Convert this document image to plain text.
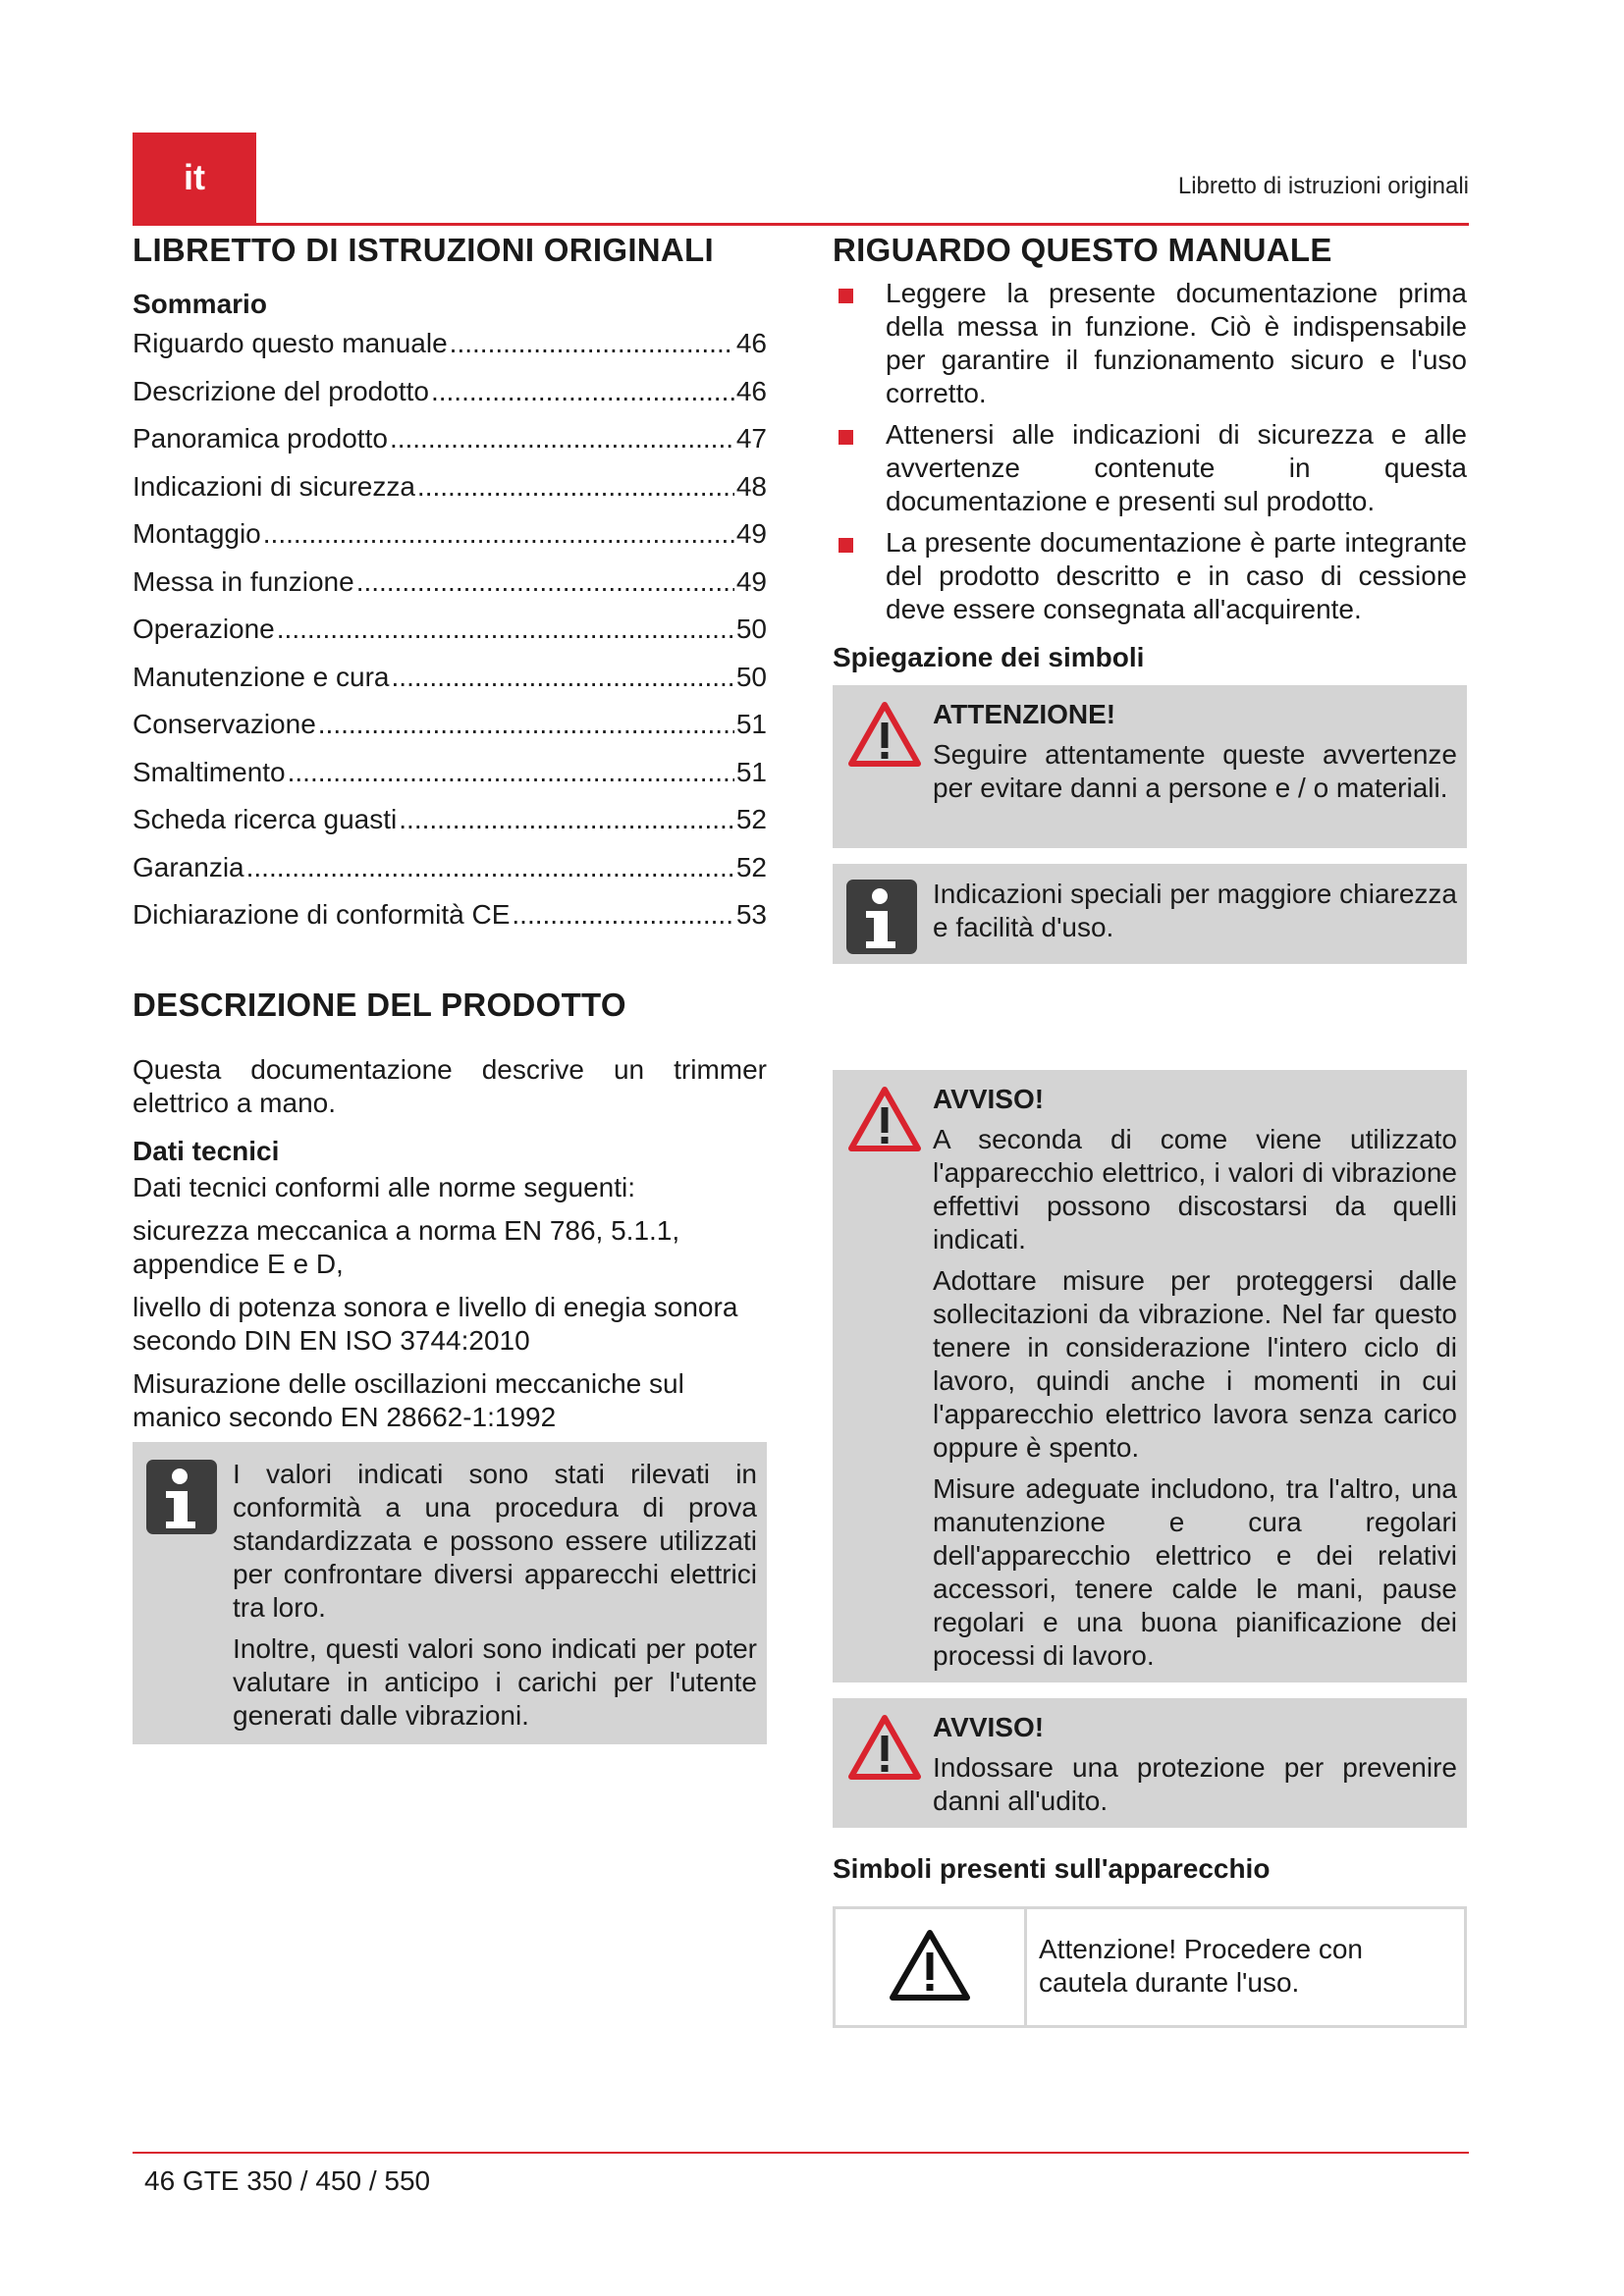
it	Libretto di istruzioni originali
LIBRETTO DI ISTRUZIONI ORIGINALI
Sommario
Riguardo questo manuale .....	46
Descrizione del prodotto .....	46
Panoramica prodotto .....	47
Indicazioni di sicurezza .....	48
Montaggio .....	49
Messa in funzione .....	49
Operazione .....	50
Manutenzione e cura .....	50
Conservazione .....	51
Smaltimento .....	51
Scheda ricerca guasti .....	52
Garanzia .....	52
Dichiarazione di conformità CE .....	53
DESCRIZIONE DEL PRODOTTO

Questa documentazione descrive un trimmer elettrico a mano.

Dati tecnici

Dati tecnici conformi alle norme seguenti:

sicurezza meccanica a norma EN 786, 5.1.1, appendice E e D,

livello di potenza sonora e livello di enegia sonora secondo DIN EN ISO 3744:2010

Misurazione delle oscillazioni meccaniche sul manico secondo EN 28662-1:1992

I valori indicati sono stati rilevati in conformità a una procedura di prova standardizzata e possono essere utilizzati per confrontare diversi apparecchi elettrici tra loro.

Inoltre, questi valori sono indicati per poter valutare in anticipo i carichi per l'utente generati dalle vibrazioni.

RIGUARDO QUESTO MANUALE
Leggere la presente documentazione prima della messa in funzione. Ciò è indispensabile per garantire il funzionamento sicuro e l'uso corretto.
Attenersi alle indicazioni di sicurezza e alle avvertenze contenute in questa documentazione e presenti sul prodotto.
La presente documentazione è parte integrante del prodotto descritto e in caso di cessione deve essere consegnata all'acquirente.
Spiegazione dei simboli
ATTENZIONE!

Seguire attentamente queste avvertenze per evitare danni a persone e / o materiali.

Indicazioni speciali per maggiore chiarezza e facilità d'uso.

AVVISO!

A seconda di come viene utilizzato l'apparecchio elettrico, i valori di vibrazione effettivi possono discostarsi da quelli indicati.

Adottare misure per proteggersi dalle sollecitazioni da vibrazione. Nel far questo tenere in considerazione l'intero ciclo di lavoro, quindi anche i momenti in cui l'apparecchio elettrico lavora senza carico oppure è spento.

Misure adeguate includono, tra l'altro, una manutenzione e cura regolari dell'apparecchio elettrico e dei relativi accessori, tenere calde le mani, pause regolari e una buona pianificazione dei processi di lavoro.

AVVISO!

Indossare una protezione per prevenire danni all'udito.

Simboli presenti sull'apparecchio
Attenzione! Procedere con cautela durante l'uso.
46 GTE 350 / 450 / 550
